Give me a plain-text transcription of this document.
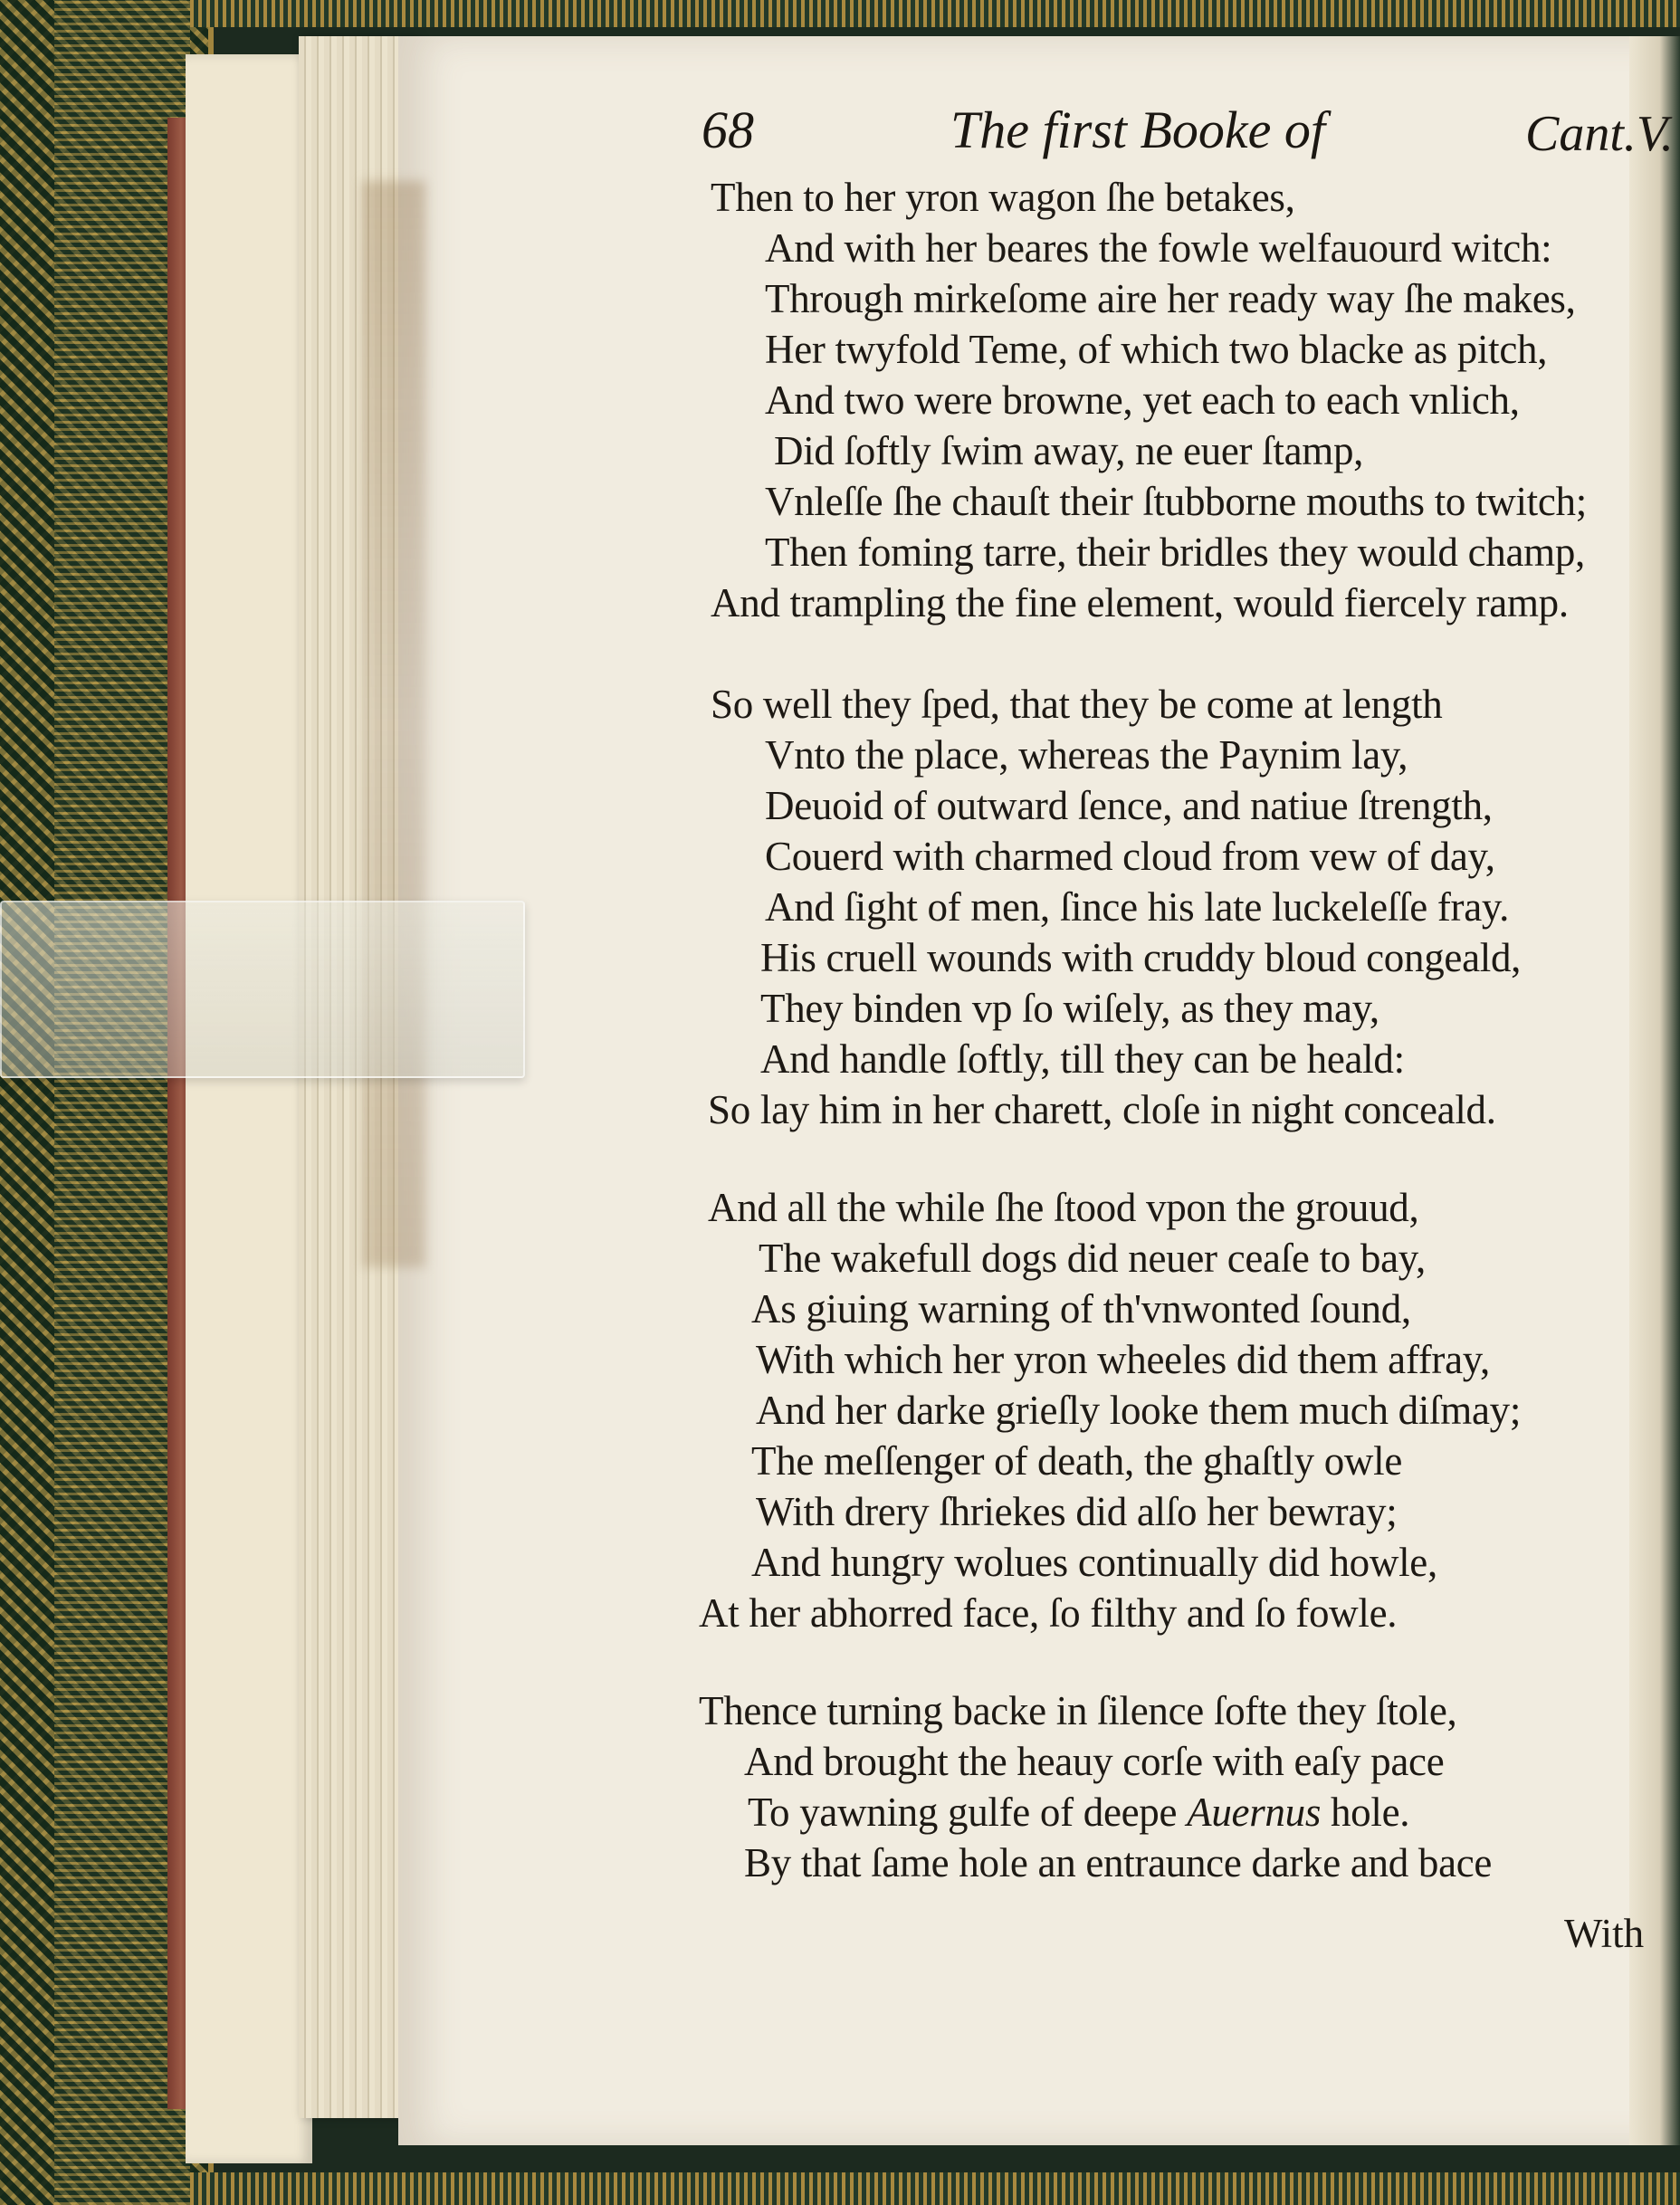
68	The first Booke of	Cant.V.
Then to her yron wagon ſhe betakes,
And with her beares the fowle welfauourd witch:
Through mirkeſome aire her ready way ſhe makes,
Her twyfold Teme, of which two blacke as pitch,
And two were browne, yet each to each vnlich,
Did ſoftly ſwim away, ne euer ſtamp,
Vnleſſe ſhe chauſt their ſtubborne mouths to twitch;
Then foming tarre, their bridles they would champ,
And trampling the fine element, would fiercely ramp.
So well they ſped, that they be come at length
Vnto the place, whereas the Paynim lay,
Deuoid of outward ſence, and natiue ſtrength,
Couerd with charmed cloud from vew of day,
And ſight of men, ſince his late luckeleſſe fray.
His cruell wounds with cruddy bloud congeald,
They binden vp ſo wiſely, as they may,
And handle ſoftly, till they can be heald:
So lay him in her charett, cloſe in night conceald.
And all the while ſhe ſtood vpon the grouud,
The wakefull dogs did neuer ceaſe to bay,
As giuing warning of th'vnwonted ſound,
With which her yron wheeles did them affray,
And her darke grieſly looke them much diſmay;
The meſſenger of death, the ghaſtly owle
With drery ſhriekes did alſo her bewray;
And hungry wolues continually did howle,
At her abhorred face, ſo filthy and ſo fowle.
Thence turning backe in ſilence ſofte they ſtole,
And brought the heauy corſe with eaſy pace
To yawning gulfe of deepe Auernus hole.
By that ſame hole an entraunce darke and bace
With
